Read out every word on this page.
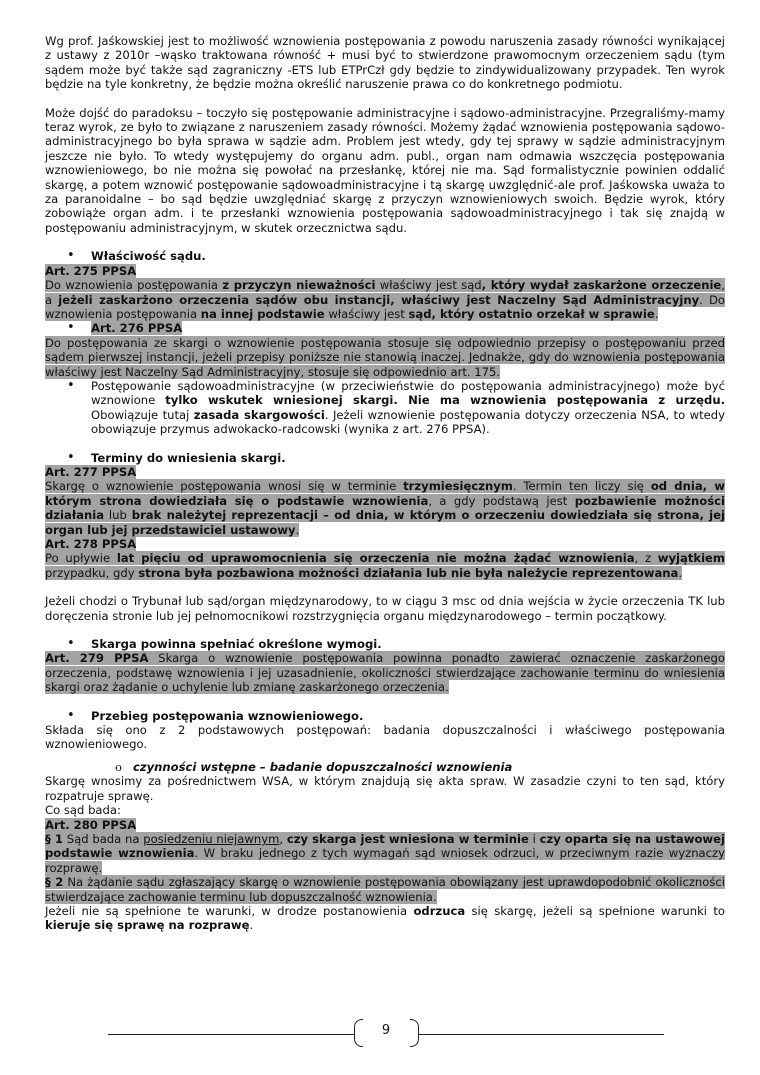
Wg prof. Jaśkowskiej jest to możliwość wznowienia postępowania z powodu naruszenia zasady równości wynikającej z ustawy z 2010r –wąsko traktowana równość + musi być to stwierdzone prawomocnym orzeczeniem sądu (tym sądem może być także sąd zagraniczny -ETS lub ETPrCzł gdy będzie to zindywidualizowany przypadek. Ten wyrok będzie na tyle konkretny, że będzie można określić naruszenie prawa co do konkretnego podmiotu.

Może dojść do paradoksu – toczyło się postępowanie administracyjne i sądowo-administracyjne. Przegraliśmy-mamy teraz wyrok, ze było to związane z naruszeniem zasady równości. Możemy żądać wznowienia postępowania sądowo-administracyjnego bo była sprawa w sądzie adm. Problem jest wtedy, gdy tej sprawy w sądzie administracyjnym jeszcze nie było. To wtedy występujemy do organu adm. publ., organ nam odmawia wszczęcia postępowania wznowieniowego, bo nie można się powołać na przesłankę, której nie ma. Sąd formalistycznie powinien oddalić skargę, a potem wznowić postępowanie sądowoadministracyjne i tą skargę uwzględnić-ale prof. Jaśkowska uważa to za paranoidalne – bo sąd będzie uwzględniać skargę z przyczyn wznowieniowych swoich. Będzie wyrok, który zobowiąże organ adm. i te przesłanki wznowienia postępowania sądowoadministracyjnego i tak się znajdą w postępowaniu administracyjnym, w skutek orzecznictwa sądu.

• Właściwość sądu.

Art. 275 PPSA

Do wznowienia postępowania z przyczyn nieważności właściwy jest sąd, który wydał zaskarżone orzeczenie, a jeżeli zaskarżono orzeczenia sądów obu instancji, właściwy jest Naczelny Sąd Administracyjny. Do wznowienia postępowania na innej podstawie właściwy jest sąd, który ostatnio orzekał w sprawie.

• Art. 276 PPSA

Do postępowania ze skargi o wznowienie postępowania stosuje się odpowiednio przepisy o postępowaniu przed sądem pierwszej instancji, jeżeli przepisy poniższe nie stanowią inaczej. Jednakże, gdy do wznowienia postępowania właściwy jest Naczelny Sąd Administracyjny, stosuje się odpowiednio art. 175.

• Postępowanie sądowoadministracyjne (w przeciwieństwie do postępowania administracyjnego) może być wznowione tylko wskutek wniesionej skargi. Nie ma wznowienia postępowania z urzędu. Obowiązuje tutaj zasada skargowości. Jeżeli wznowienie postępowania dotyczy orzeczenia NSA, to wtedy obowiązuje przymus adwokacko-radcowski (wynika z art. 276 PPSA).

• Terminy do wniesienia skargi.

Art. 277 PPSA

Skargę o wznowienie postępowania wnosi się w terminie trzymiesięcznym. Termin ten liczy się od dnia, w którym strona dowiedziała się o podstawie wznowienia, a gdy podstawą jest pozbawienie możności działania lub brak należytej reprezentacji – od dnia, w którym o orzeczeniu dowiedziała się strona, jej organ lub jej przedstawiciel ustawowy.

Art. 278 PPSA

Po upływie lat pięciu od uprawomocnienia się orzeczenia nie można żądać wznowienia, z wyjątkiem przypadku, gdy strona była pozbawiona możności działania lub nie była należycie reprezentowana.

Jeżeli chodzi o Trybunał lub sąd/organ międzynarodowy, to w ciągu 3 msc od dnia wejścia w życie orzeczenia TK lub doręczenia stronie lub jej pełnomocnikowi rozstrzygnięcia organu międzynarodowego – termin początkowy.

• Skarga powinna spełniać określone wymogi.

Art. 279 PPSA Skarga o wznowienie postępowania powinna ponadto zawierać oznaczenie zaskarżonego orzeczenia, podstawę wznowienia i jej uzasadnienie, okoliczności stwierdzające zachowanie terminu do wniesienia skargi oraz żądanie o uchylenie lub zmianę zaskarżonego orzeczenia.

• Przebieg postępowania wznowieniowego.

Składa się ono z 2 podstawowych postępowań: badania dopuszczalności i właściwego postępowania wznowieniowego.

o czynności wstępne – badanie dopuszczalności wznowienia

Skargę wnosimy za pośrednictwem WSA, w którym znajdują się akta spraw. W zasadzie czyni to ten sąd, który rozpatruje sprawę.

Co sąd bada:

Art. 280 PPSA

§ 1 Sąd bada na posiedzeniu niejawnym, czy skarga jest wniesiona w terminie i czy oparta się na ustawowej podstawie wznowienia. W braku jednego z tych wymagań sąd wniosek odrzuci, w przeciwnym razie wyznaczy rozprawę.

§ 2 Na żądanie sądu zgłaszający skargę o wznowienie postępowania obowiązany jest uprawdopodobnić okoliczności stwierdzające zachowanie terminu lub dopuszczalność wznowienia.

Jeżeli nie są spełnione te warunki, w drodze postanowienia odrzuca się skargę, jeżeli są spełnione warunki to kieruje się sprawę na rozprawę.

9
